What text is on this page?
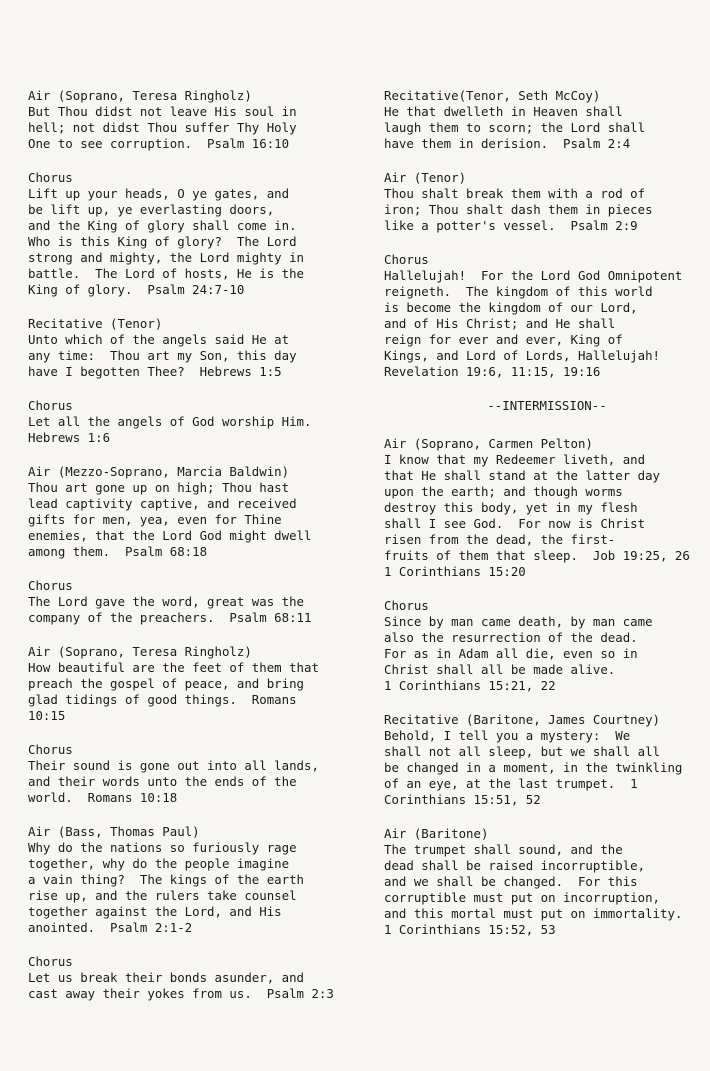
Air (Soprano, Teresa Ringholz)
But Thou didst not leave His soul in
hell; not didst Thou suffer Thy Holy
One to see corruption.  Psalm 16:10
Chorus
Lift up your heads, O ye gates, and
be lift up, ye everlasting doors,
and the King of glory shall come in.
Who is this King of glory?  The Lord
strong and mighty, the Lord mighty in
battle.  The Lord of hosts, He is the
King of glory.  Psalm 24:7-10
Recitative (Tenor)
Unto which of the angels said He at
any time:  Thou art my Son, this day
have I begotten Thee?  Hebrews 1:5
Chorus
Let all the angels of God worship Him.
Hebrews 1:6
Air (Mezzo-Soprano, Marcia Baldwin)
Thou art gone up on high; Thou hast
lead captivity captive, and received
gifts for men, yea, even for Thine
enemies, that the Lord God might dwell
among them.  Psalm 68:18
Chorus
The Lord gave the word, great was the
company of the preachers.  Psalm 68:11
Air (Soprano, Teresa Ringholz)
How beautiful are the feet of them that
preach the gospel of peace, and bring
glad tidings of good things.  Romans
10:15
Chorus
Their sound is gone out into all lands,
and their words unto the ends of the
world.  Romans 10:18
Air (Bass, Thomas Paul)
Why do the nations so furiously rage
together, why do the people imagine
a vain thing?  The kings of the earth
rise up, and the rulers take counsel
together against the Lord, and His
anointed.  Psalm 2:1-2
Chorus
Let us break their bonds asunder, and
cast away their yokes from us.  Psalm 2:3
Recitative(Tenor, Seth McCoy)
He that dwelleth in Heaven shall
laugh them to scorn; the Lord shall
have them in derision.  Psalm 2:4
Air (Tenor)
Thou shalt break them with a rod of
iron; Thou shalt dash them in pieces
like a potter's vessel.  Psalm 2:9
Chorus
Hallelujah!  For the Lord God Omnipotent
reigneth.  The kingdom of this world
is become the kingdom of our Lord,
and of His Christ; and He shall
reign for ever and ever, King of
Kings, and Lord of Lords, Hallelujah!
Revelation 19:6, 11:15, 19:16
--INTERMISSION--
Air (Soprano, Carmen Pelton)
I know that my Redeemer liveth, and
that He shall stand at the latter day
upon the earth; and though worms
destroy this body, yet in my flesh
shall I see God.  For now is Christ
risen from the dead, the first-
fruits of them that sleep.  Job 19:25, 26
1 Corinthians 15:20
Chorus
Since by man came death, by man came
also the resurrection of the dead.
For as in Adam all die, even so in
Christ shall all be made alive.
1 Corinthians 15:21, 22
Recitative (Baritone, James Courtney)
Behold, I tell you a mystery:  We
shall not all sleep, but we shall all
be changed in a moment, in the twinkling
of an eye, at the last trumpet.  1
Corinthians 15:51, 52
Air (Baritone)
The trumpet shall sound, and the
dead shall be raised incorruptible,
and we shall be changed.  For this
corruptible must put on incorruption,
and this mortal must put on immortality.
1 Corinthians 15:52, 53
